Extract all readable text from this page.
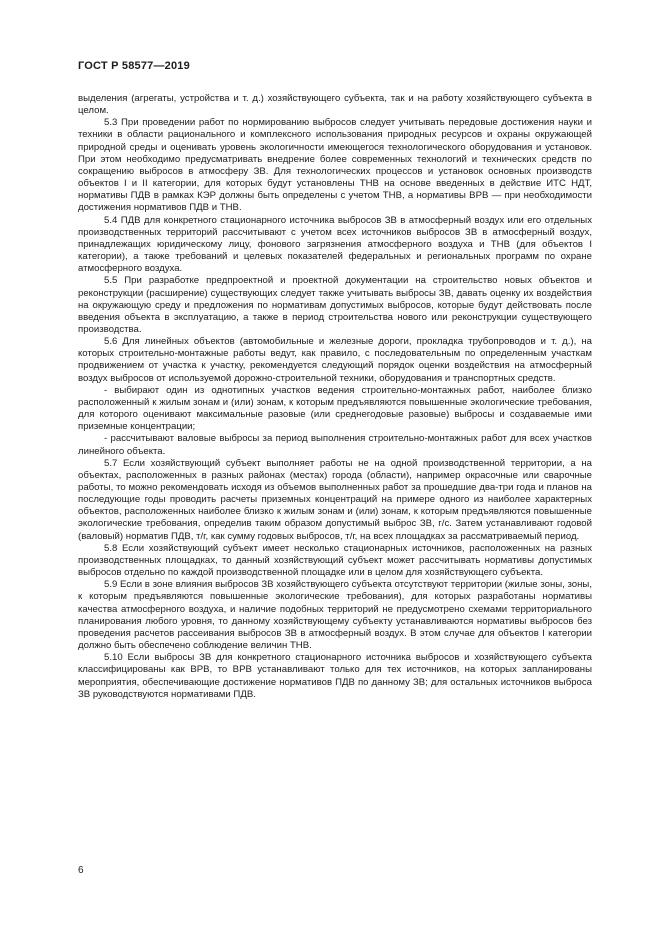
ГОСТ Р 58577—2019

выделения (агрегаты, устройства и т. д.) хозяйствующего субъекта, так и на работу хозяйствующего субъекта в целом.

5.3 При проведении работ по нормированию выбросов следует учитывать передовые достижения науки и техники в области рационального и комплексного использования природных ресурсов и охраны окружающей природной среды и оценивать уровень экологичности имеющегося технологического оборудования и установок. При этом необходимо предусматривать внедрение более современных технологий и технических средств по сокращению выбросов в атмосферу ЗВ. Для технологических процессов и установок основных производств объектов I и II категории, для которых будут установлены ТНВ на основе введенных в действие ИТС НДТ, нормативы ПДВ в рамках КЭР должны быть определены с учетом ТНВ, а нормативы ВРВ — при необходимости достижения нормативов ПДВ и ТНВ.

5.4 ПДВ для конкретного стационарного источника выбросов ЗВ в атмосферный воздух или его отдельных производственных территорий рассчитывают с учетом всех источников выбросов ЗВ в атмосферный воздух, принадлежащих юридическому лицу, фонового загрязнения атмосферного воздуха и ТНВ (для объектов I категории), а также требований и целевых показателей федеральных и региональных программ по охране атмосферного воздуха.

5.5 При разработке предпроектной и проектной документации на строительство новых объектов и реконструкции (расширение) существующих следует также учитывать выбросы ЗВ, давать оценку их воздействия на окружающую среду и предложения по нормативам допустимых выбросов, которые будут действовать после введения объекта в эксплуатацию, а также в период строительства нового или реконструкции существующего производства.

5.6 Для линейных объектов (автомобильные и железные дороги, прокладка трубопроводов и т. д.), на которых строительно-монтажные работы ведут, как правило, с последовательным по определенным участкам продвижением от участка к участку, рекомендуется следующий порядок оценки воздействия на атмосферный воздух выбросов от используемой дорожно-строительной техники, оборудования и транспортных средств.

- выбирают один из однотипных участков ведения строительно-монтажных работ, наиболее близко расположенный к жилым зонам и (или) зонам, к которым предъявляются повышенные экологические требования, для которого оценивают максимальные разовые (или среднегодовые разовые) выбросы и создаваемые ими приземные концентрации;

- рассчитывают валовые выбросы за период выполнения строительно-монтажных работ для всех участков линейного объекта.

5.7 Если хозяйствующий субъект выполняет работы не на одной производственной территории, а на объектах, расположенных в разных районах (местах) города (области), например окрасочные или сварочные работы, то можно рекомендовать исходя из объемов выполненных работ за прошедшие два-три года и планов на последующие годы проводить расчеты приземных концентраций на примере одного из наиболее характерных объектов, расположенных наиболее близко к жилым зонам и (или) зонам, к которым предъявляются повышенные экологические требования, определив таким образом допустимый выброс ЗВ, г/с. Затем устанавливают годовой (валовый) норматив ПДВ, т/г, как сумму годовых выбросов, т/г, на всех площадках за рассматриваемый период.

5.8 Если хозяйствующий субъект имеет несколько стационарных источников, расположенных на разных производственных площадках, то данный хозяйствующий субъект может рассчитывать нормативы допустимых выбросов отдельно по каждой производственной площадке или в целом для хозяйствующего субъекта.

5.9 Если в зоне влияния выбросов ЗВ хозяйствующего субъекта отсутствуют территории (жилые зоны, зоны, к которым предъявляются повышенные экологические требования), для которых разработаны нормативы качества атмосферного воздуха, и наличие подобных территорий не предусмотрено схемами территориального планирования любого уровня, то данному хозяйствующему субъекту устанавливаются нормативы выбросов без проведения расчетов рассеивания выбросов ЗВ в атмосферный воздух. В этом случае для объектов I категории должно быть обеспечено соблюдение величин ТНВ.

5.10 Если выбросы ЗВ для конкретного стационарного источника выбросов и хозяйствующего субъекта классифицированы как ВРВ, то ВРВ устанавливают только для тех источников, на которых запланированы мероприятия, обеспечивающие достижение нормативов ПДВ по данному ЗВ; для остальных источников выброса ЗВ руководствуются нормативами ПДВ.

6
